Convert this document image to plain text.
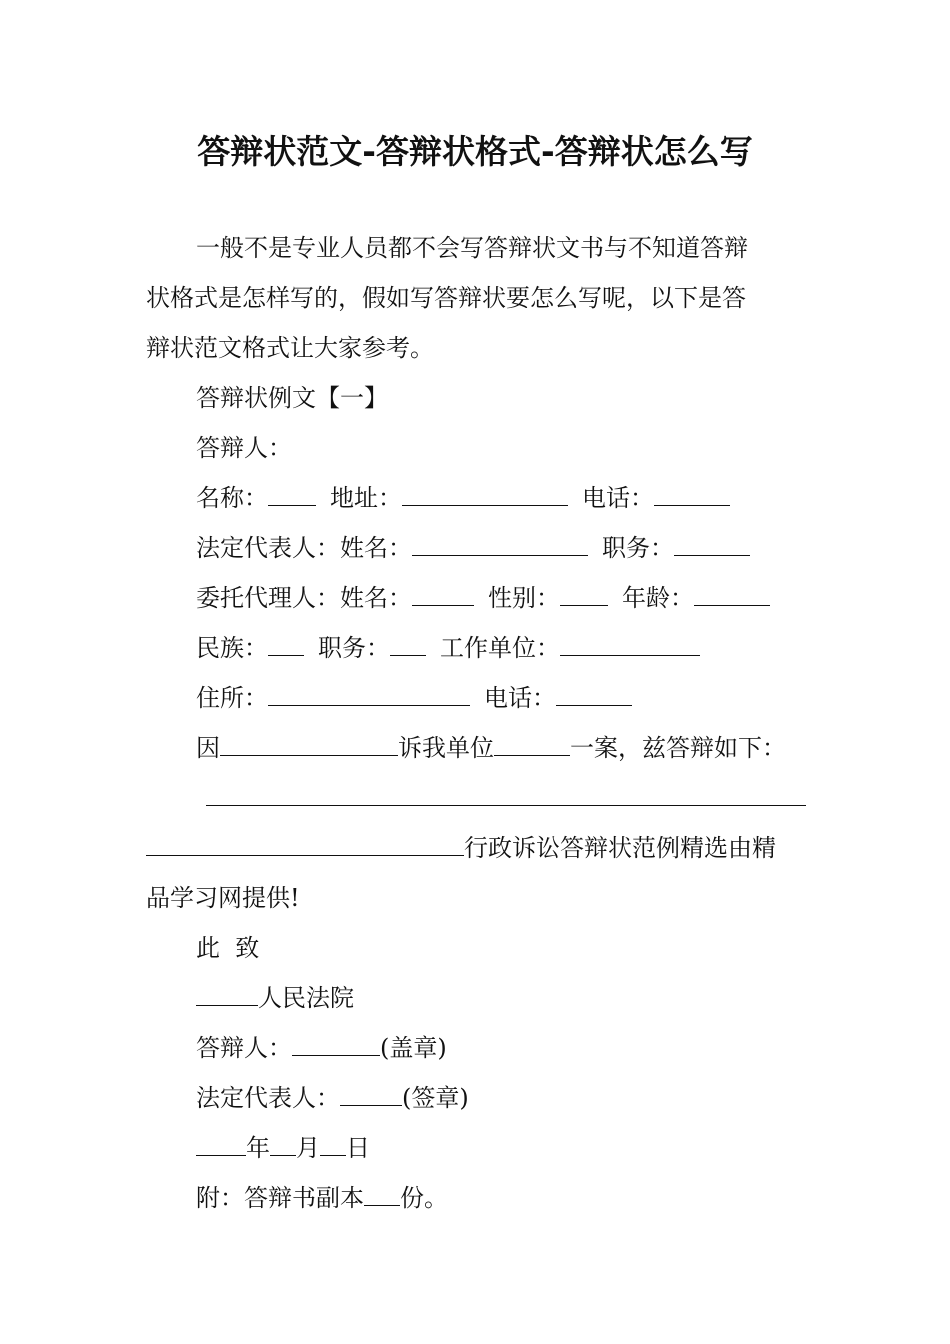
答辩状范文-答辩状格式-答辩状怎么写
一般不是专业人员都不会写答辩状文书与不知道答辩
状格式是怎样写的，假如写答辩状要怎么写呢，以下是答
辩状范文格式让大家参考。
答辩状例文【一】
答辩人：
名称：	地址：	电话：
法定代表人：姓名：	职务：
委托代理人：姓名：	性别：	年龄：
民族： 职务： 工作单位：
住所：	电话：
因	诉我单位	一案，兹答辩如下：
行政诉讼答辩状范例精选由精
品学习网提供!
此  致
人民法院
答辩人：	(盖章)
法定代表人：	(签章)
年 月 日
附：答辩书副本 份。
